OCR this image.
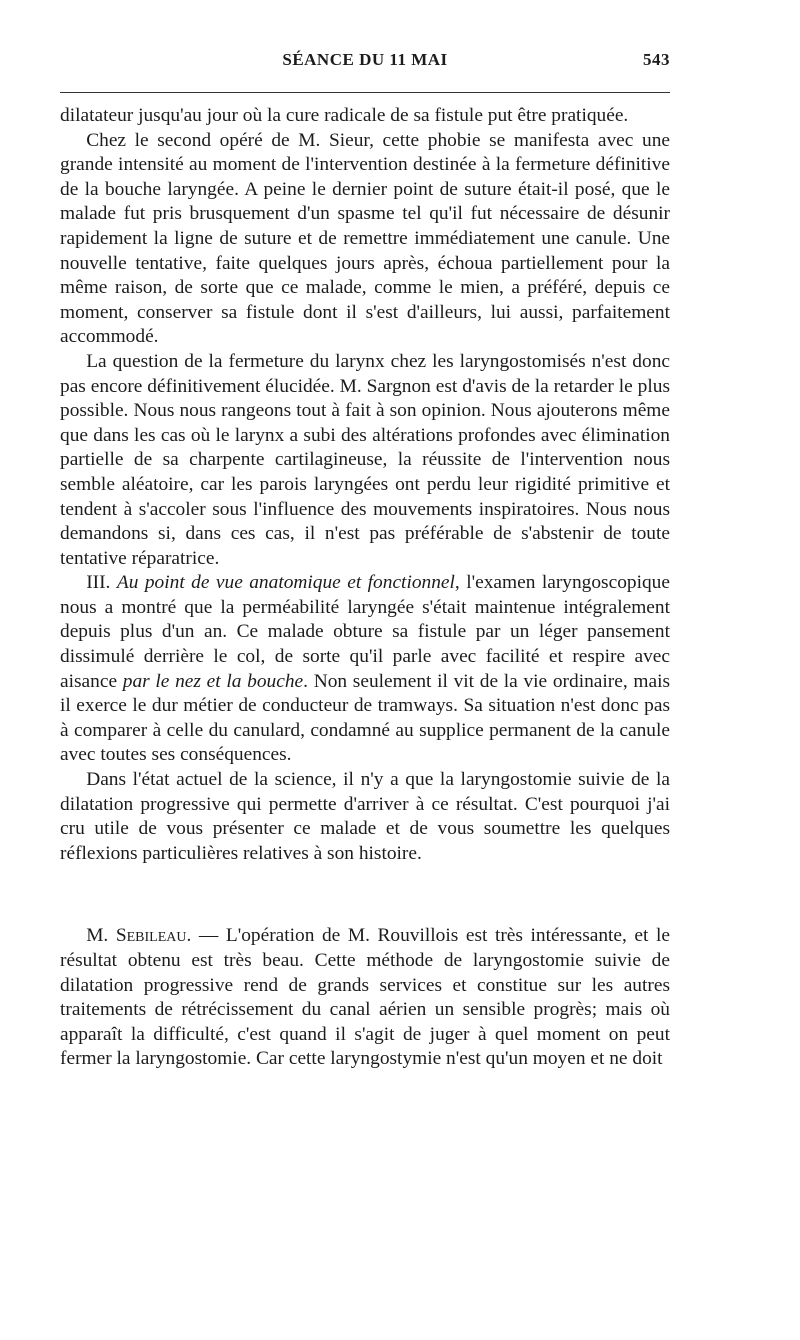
SÉANCE DU 11 MAI	543

dilatateur jusqu'au jour où la cure radicale de sa fistule put être pratiquée.

Chez le second opéré de M. Sieur, cette phobie se manifesta avec une grande intensité au moment de l'intervention destinée à la fermeture définitive de la bouche laryngée. A peine le dernier point de suture était-il posé, que le malade fut pris brusquement d'un spasme tel qu'il fut nécessaire de désunir rapidement la ligne de suture et de remettre immédiatement une canule. Une nouvelle tentative, faite quelques jours après, échoua partiellement pour la même raison, de sorte que ce malade, comme le mien, a préféré, depuis ce moment, conserver sa fistule dont il s'est d'ailleurs, lui aussi, parfaitement accommodé.

La question de la fermeture du larynx chez les laryngostomisés n'est donc pas encore définitivement élucidée. M. Sargnon est d'avis de la retarder le plus possible. Nous nous rangeons tout à fait à son opinion. Nous ajouterons même que dans les cas où le larynx a subi des altérations profondes avec élimination partielle de sa charpente cartilagineuse, la réussite de l'intervention nous semble aléatoire, car les parois laryngées ont perdu leur rigidité primitive et tendent à s'accoler sous l'influence des mouvements inspiratoires. Nous nous demandons si, dans ces cas, il n'est pas préférable de s'abstenir de toute tentative réparatrice.

III. Au point de vue anatomique et fonctionnel, l'examen laryngoscopique nous a montré que la perméabilité laryngée s'était maintenue intégralement depuis plus d'un an. Ce malade obture sa fistule par un léger pansement dissimulé derrière le col, de sorte qu'il parle avec facilité et respire avec aisance par le nez et la bouche. Non seulement il vit de la vie ordinaire, mais il exerce le dur métier de conducteur de tramways. Sa situation n'est donc pas à comparer à celle du canulard, condamné au supplice permanent de la canule avec toutes ses conséquences.

Dans l'état actuel de la science, il n'y a que la laryngostomie suivie de la dilatation progressive qui permette d'arriver à ce résultat. C'est pourquoi j'ai cru utile de vous présenter ce malade et de vous soumettre les quelques réflexions particulières relatives à son histoire.

M. Sebileau. — L'opération de M. Rouvillois est très intéressante, et le résultat obtenu est très beau. Cette méthode de laryngostomie suivie de dilatation progressive rend de grands services et constitue sur les autres traitements de rétrécissement du canal aérien un sensible progrès; mais où apparaît la difficulté, c'est quand il s'agit de juger à quel moment on peut fermer la laryngostomie. Car cette laryngostymie n'est qu'un moyen et ne doit
